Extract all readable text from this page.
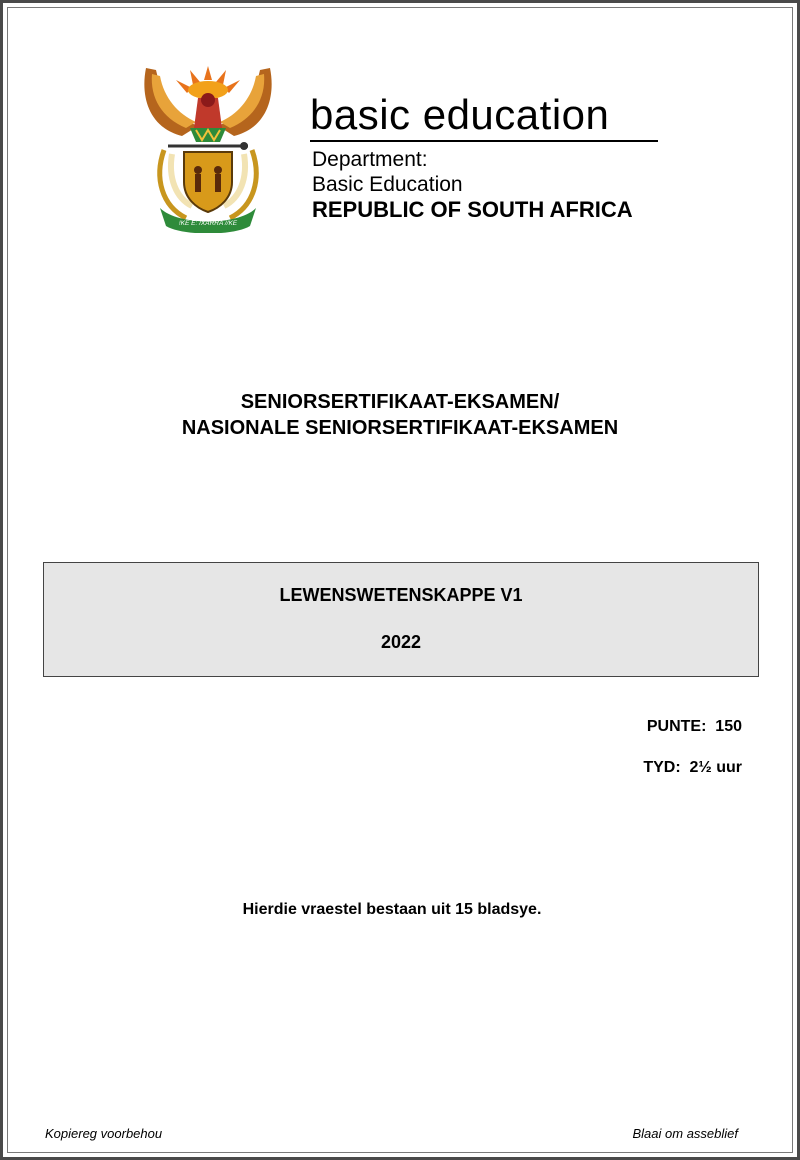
!KE E: /XARRA //KE
basic education
Department:
Basic Education
REPUBLIC OF SOUTH AFRICA
SENIORSERTIFIKAAT-EKSAMEN/
NASIONALE SENIORSERTIFIKAAT-EKSAMEN
LEWENSWETENSKAPPE V1
2022
PUNTE:  150
TYD:  2½ uur
Hierdie vraestel bestaan uit 15 bladsye.
Kopiereg voorbehou	Blaai om asseblief
